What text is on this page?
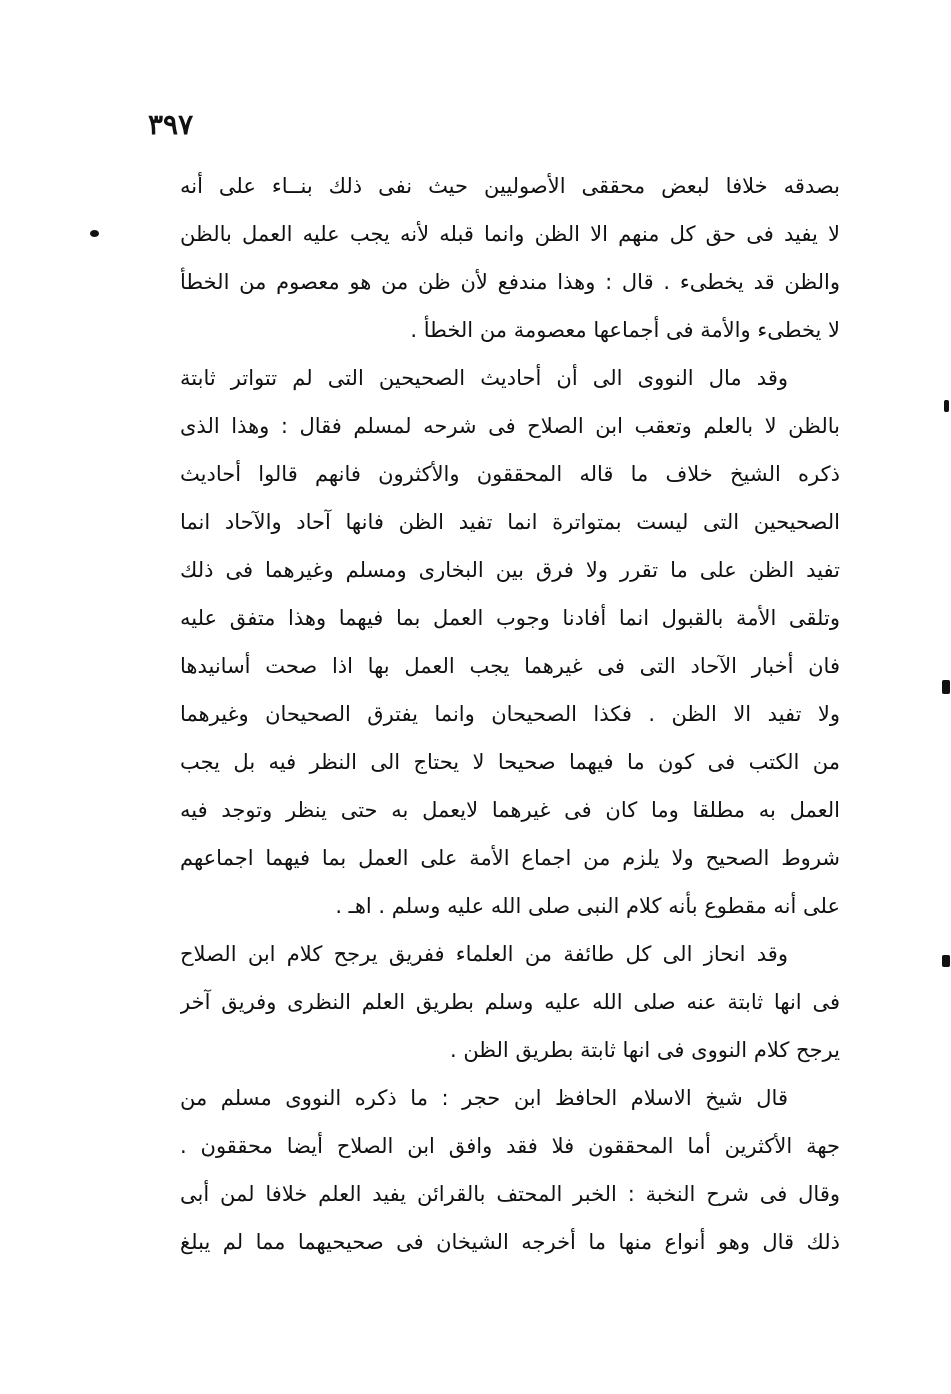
٣٩٧
بصدقه خلافا لبعض محققى الأصوليين حيث نفى ذلك بنــاء على أنه
لا يفيد فى حق كل منهم الا الظن وانما قبله لأنه يجب عليه العمل بالظن
والظن قد يخطىء . قال : وهذا مندفع لأن ظن من هو معصوم من الخطأ
لا يخطىء والأمة فى أجماعها معصومة من الخطأ .
وقد مال النووى الى أن أحاديث الصحيحين التى لم تتواتر ثابتة
بالظن لا بالعلم وتعقب ابن الصلاح فى شرحه لمسلم فقال : وهذا الذى
ذكره الشيخ خلاف ما قاله المحققون والأكثرون فانهم قالوا أحاديث
الصحيحين التى ليست بمتواترة انما تفيد الظن فانها آحاد والآحاد انما
تفيد الظن على ما تقرر ولا فرق بين البخارى ومسلم وغيرهما فى ذلك
وتلقى الأمة بالقبول انما أفادنا وجوب العمل بما فيهما وهذا متفق عليه
فان أخبار الآحاد التى فى غيرهما يجب العمل بها اذا صحت أسانيدها
ولا تفيد الا الظن . فكذا الصحيحان وانما يفترق الصحيحان وغيرهما
من الكتب فى كون ما فيهما صحيحا لا يحتاج الى النظر فيه بل يجب
العمل به مطلقا وما كان فى غيرهما لايعمل به حتى ينظر وتوجد فيه
شروط الصحيح ولا يلزم من اجماع الأمة على العمل بما فيهما اجماعهم
على أنه مقطوع بأنه كلام النبى صلى الله عليه وسلم . اهـ .
وقد انحاز الى كل طائفة من العلماء ففريق يرجح كلام ابن الصلاح
فى انها ثابتة عنه صلى الله عليه وسلم بطريق العلم النظرى وفريق آخر
يرجح كلام النووى فى انها ثابتة بطريق الظن .
قال شيخ الاسلام الحافظ ابن حجر : ما ذكره النووى مسلم من
جهة الأكثرين أما المحققون فلا فقد وافق ابن الصلاح أيضا محققون .
وقال فى شرح النخبة : الخبر المحتف بالقرائن يفيد العلم خلافا لمن أبى
ذلك قال وهو أنواع منها ما أخرجه الشيخان فى صحيحيهما مما لم يبلغ
